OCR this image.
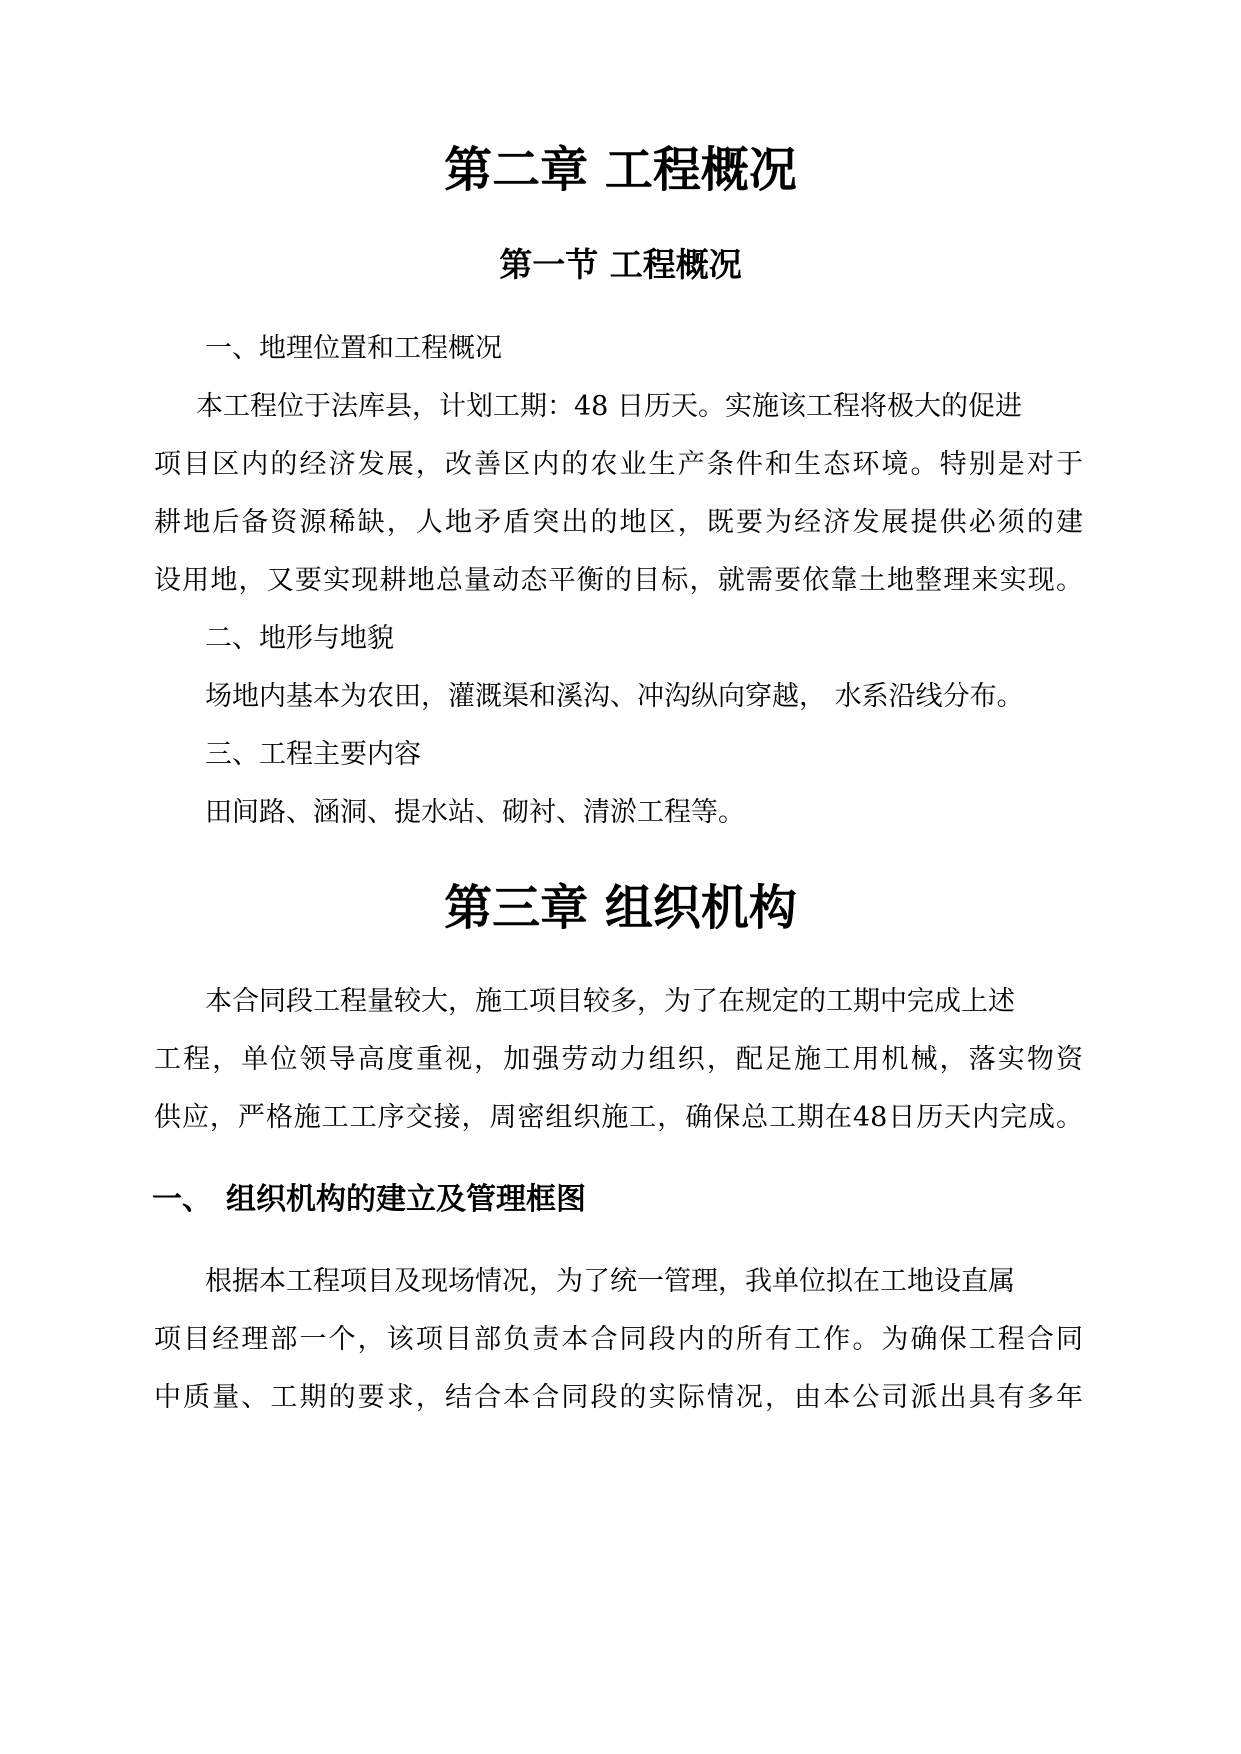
第二章 工程概况
第一节 工程概况
一、地理位置和工程概况
本工程位于法库县，计划工期：48 日历天。实施该工程将极大的促进
项目区内的经济发展，改善区内的农业生产条件和生态环境。特别是对于
耕地后备资源稀缺，人地矛盾突出的地区，既要为经济发展提供必须的建
设用地，又要实现耕地总量动态平衡的目标，就需要依靠土地整理来实现。
二、地形与地貌
场地内基本为农田，灌溉渠和溪沟、冲沟纵向穿越， 水系沿线分布。
三、工程主要内容
田间路、涵洞、提水站、砌衬、清淤工程等。
第三章 组织机构
本合同段工程量较大，施工项目较多，为了在规定的工期中完成上述
工程，单位领导高度重视，加强劳动力组织，配足施工用机械，落实物资
供应，严格施工工序交接，周密组织施工，确保总工期在48日历天内完成。
一、 组织机构的建立及管理框图
根据本工程项目及现场情况，为了统一管理，我单位拟在工地设直属
项目经理部一个，该项目部负责本合同段内的所有工作。为确保工程合同
中质量、工期的要求，结合本合同段的实际情况，由本公司派出具有多年
